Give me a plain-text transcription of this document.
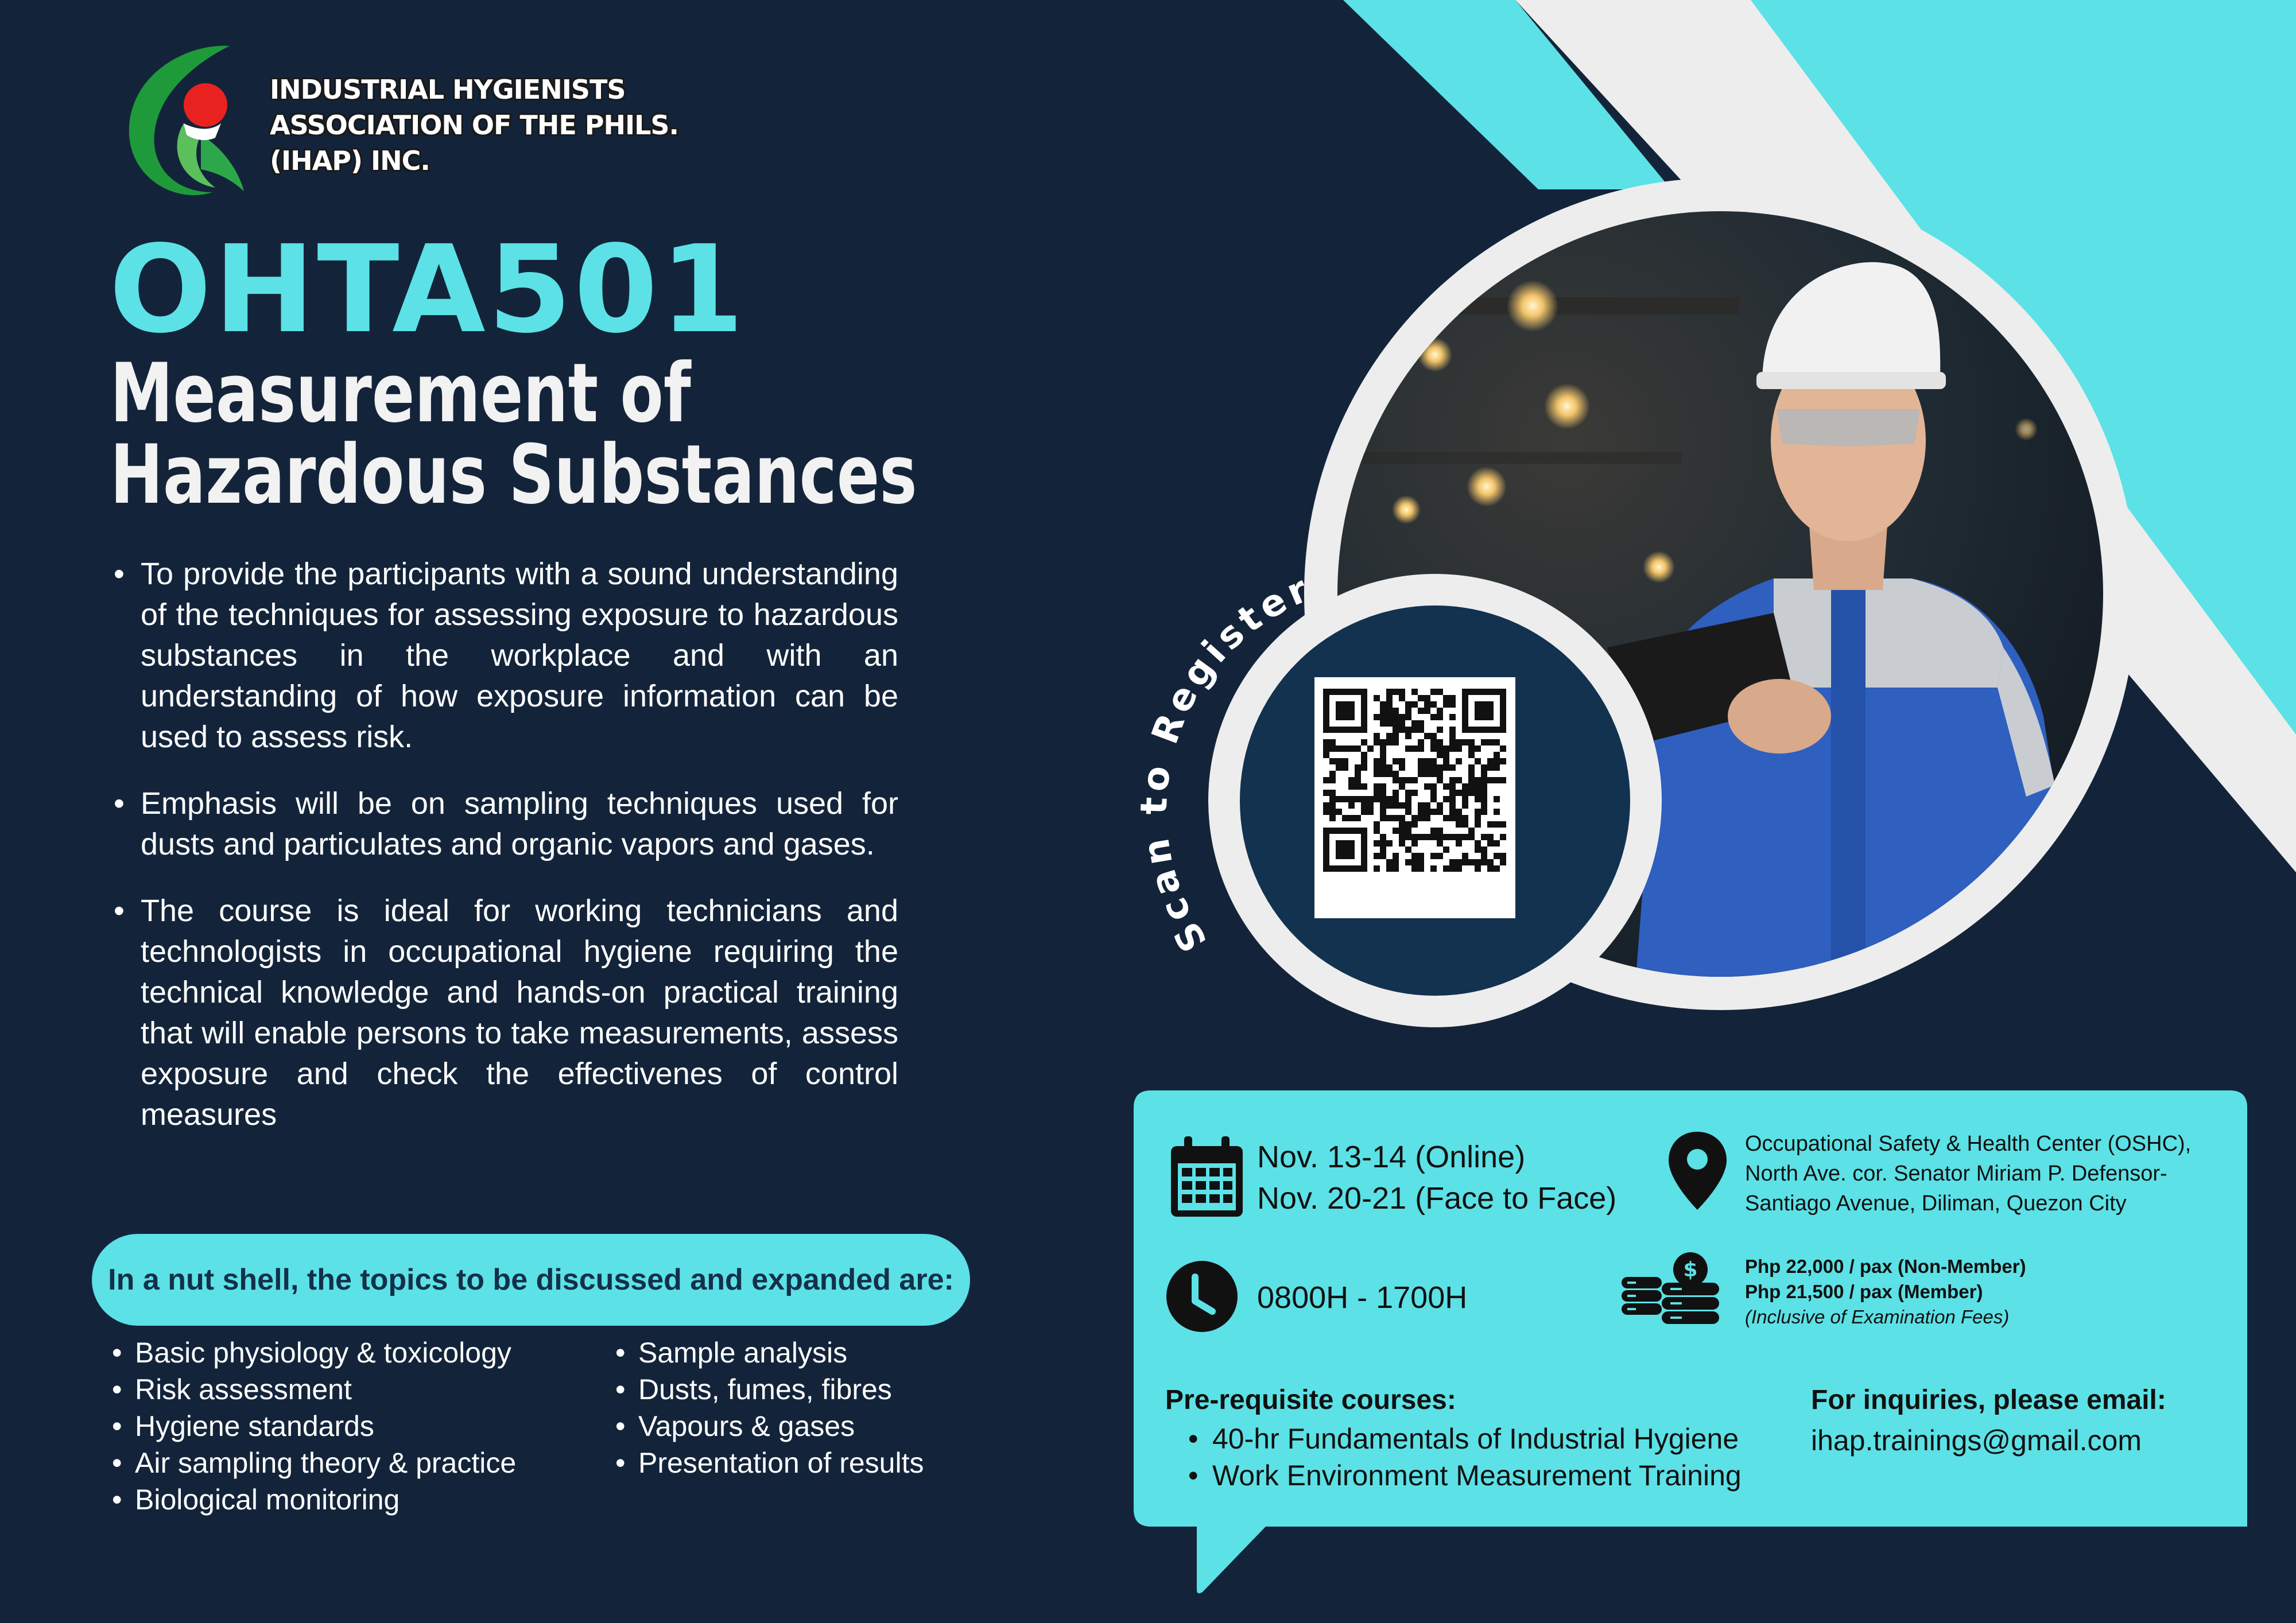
INDUSTRIAL HYGIENISTS
ASSOCIATION OF THE PHILS.
(IHAP) INC.
OHTA501
Measurement of
Hazardous Substances
• To provide the participants with a sound understanding of the techniques for assessing exposure to hazardous substances in the workplace and with an understanding of how exposure information can be used to assess risk.
• Emphasis will be on sampling techniques used for dusts and particulates and organic vapors and gases.
• The course is ideal for working technicians and technologists in occupational hygiene requiring the technical knowledge and hands-on practical training that will enable persons to take measurements, assess exposure and check the effectivenes of control measures
In a nut shell, the topics to be discussed and expanded are:
• Basic physiology & toxicology
• Risk assessment
• Hygiene standards
• Air sampling theory & practice
• Biological monitoring
• Sample analysis
• Dusts, fumes, fibres
• Vapours & gases
• Presentation of results
Scan to Register
Nov. 13-14 (Online)
Nov. 20-21 (Face to Face)
0800H - 1700H
Occupational Safety & Health Center (OSHC),
North Ave. cor. Senator Miriam P. Defensor-
Santiago Avenue, Diliman, Quezon City
$ Php 22,000 / pax (Non-Member)
Php 21,500 / pax (Member)
(Inclusive of Examination Fees)
Pre-requisite courses:
• 40-hr Fundamentals of Industrial Hygiene
• Work Environment Measurement Training
For inquiries, please email:
ihap.trainings@gmail.com
